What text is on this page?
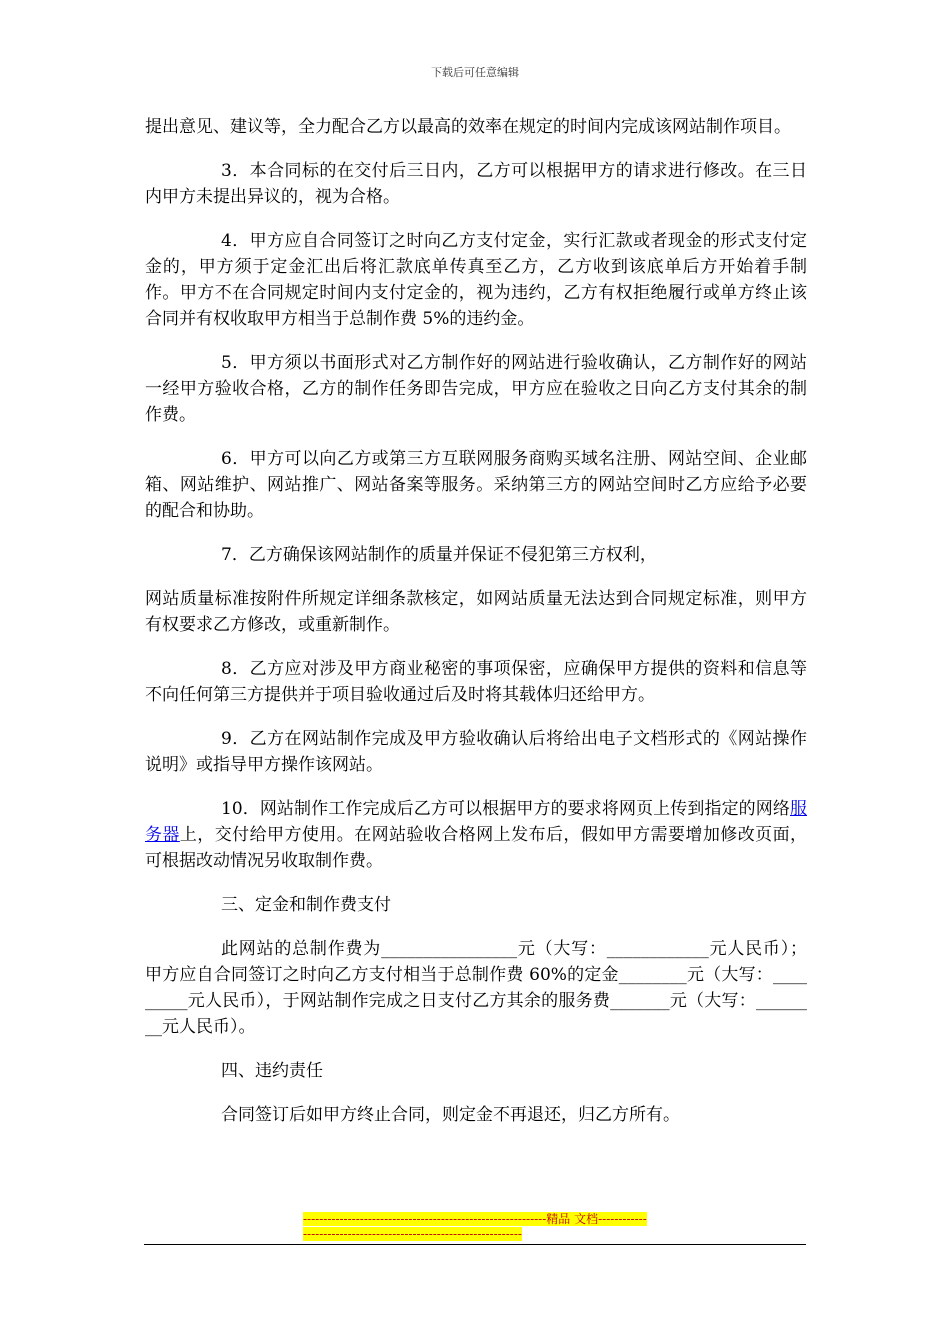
下载后可任意编辑

提出意见、建议等，全力配合乙方以最高的效率在规定的时间内完成该网站制作项目。

3．本合同标的在交付后三日内，乙方可以根据甲方的请求进行修改。在三日内甲方未提出异议的，视为合格。

4．甲方应自合同签订之时向乙方支付定金，实行汇款或者现金的形式支付定金的，甲方须于定金汇出后将汇款底单传真至乙方，乙方收到该底单后方开始着手制作。甲方不在合同规定时间内支付定金的，视为违约，乙方有权拒绝履行或单方终止该合同并有权收取甲方相当于总制作费 5%的违约金。

5．甲方须以书面形式对乙方制作好的网站进行验收确认，乙方制作好的网站一经甲方验收合格，乙方的制作任务即告完成，甲方应在验收之日向乙方支付其余的制作费。

6．甲方可以向乙方或第三方互联网服务商购买域名注册、网站空间、企业邮箱、网站维护、网站推广、网站备案等服务。采纳第三方的网站空间时乙方应给予必要的配合和协助。

7．乙方确保该网站制作的质量并保证不侵犯第三方权利，

网站质量标准按附件所规定详细条款核定，如网站质量无法达到合同规定标准，则甲方有权要求乙方修改，或重新制作。

8．乙方应对涉及甲方商业秘密的事项保密，应确保甲方提供的资料和信息等不向任何第三方提供并于项目验收通过后及时将其载体归还给甲方。

9．乙方在网站制作完成及甲方验收确认后将给出电子文档形式的《网站操作说明》或指导甲方操作该网站。

10．网站制作工作完成后乙方可以根据甲方的要求将网页上传到指定的网络服务器上，交付给甲方使用。在网站验收合格网上发布后，假如甲方需要增加修改页面，可根据改动情况另收取制作费。

三、定金和制作费支付

此网站的总制作费为________________元（大写：____________元人民币）；甲方应自合同签订之时向乙方支付相当于总制作费 60%的定金________元（大写：_________元人民币），于网站制作完成之日支付乙方其余的服务费_______元（大写：________元人民币）。

四、违约责任

合同签订后如甲方终止合同，则定金不再退还，归乙方所有。

------------------------------------------------------------精品 文档------------------------------------------------------------------
